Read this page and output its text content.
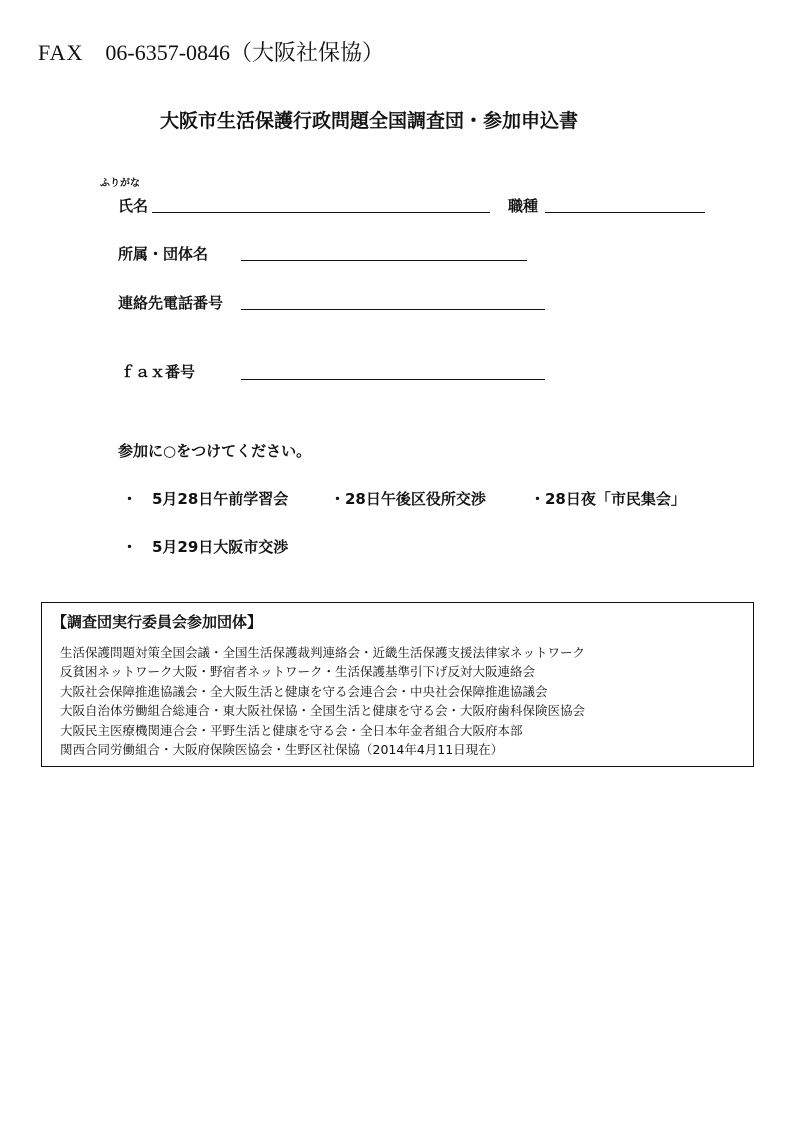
FAX 06-6357-0846（大阪社保協）
大阪市生活保護行政問題全国調査団・参加申込書
ふりがな
氏名	職種
所属・団体名
連絡先電話番号
ｆａｘ番号
参加に○をつけてください。
・ 5月28日午前学習会	・28日午後区役所交渉	・28日夜「市民集会」
・ 5月29日大阪市交渉
【調査団実行委員会参加団体】
生活保護問題対策全国会議・全国生活保護裁判連絡会・近畿生活保護支援法律家ネットワーク
反貧困ネットワーク大阪・野宿者ネットワーク・生活保護基準引下げ反対大阪連絡会
大阪社会保障推進協議会・全大阪生活と健康を守る会連合会・中央社会保障推進協議会
大阪自治体労働組合総連合・東大阪社保協・全国生活と健康を守る会・大阪府歯科保険医協会
大阪民主医療機関連合会・平野生活と健康を守る会・全日本年金者組合大阪府本部
関西合同労働組合・大阪府保険医協会・生野区社保協（2014年4月11日現在）
